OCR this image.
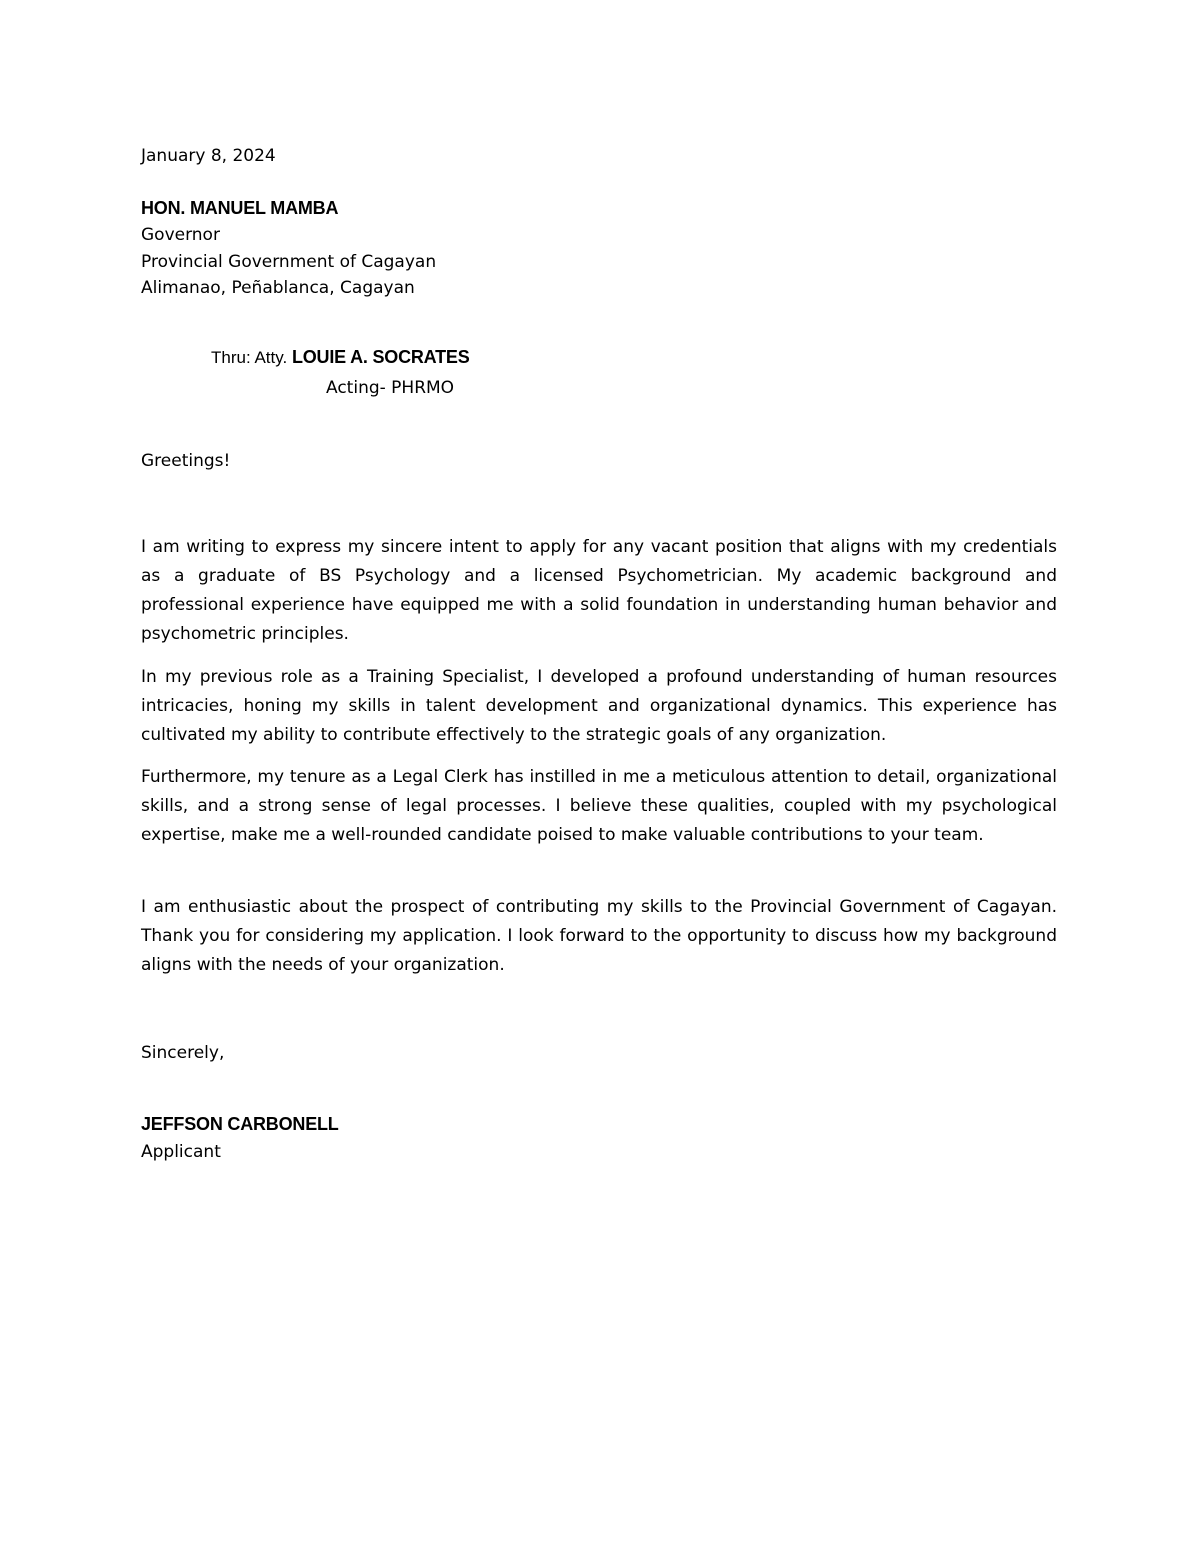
January 8, 2024
HON. MANUEL MAMBA
Governor
Provincial Government of Cagayan
Alimanao, Peñablanca, Cagayan
Thru: Atty. LOUIE A. SOCRATES
Acting- PHRMO
Greetings!

I am writing to express my sincere intent to apply for any vacant position that aligns with my credentials as a graduate of BS Psychology and a licensed Psychometrician. My academic background and professional experience have equipped me with a solid foundation in understanding human behavior and psychometric principles.

In my previous role as a Training Specialist, I developed a profound understanding of human resources intricacies, honing my skills in talent development and organizational dynamics. This experience has cultivated my ability to contribute effectively to the strategic goals of any organization.

Furthermore, my tenure as a Legal Clerk has instilled in me a meticulous attention to detail, organizational skills, and a strong sense of legal processes. I believe these qualities, coupled with my psychological expertise, make me a well-rounded candidate poised to make valuable contributions to your team.

I am enthusiastic about the prospect of contributing my skills to the Provincial Government of Cagayan. Thank you for considering my application. I look forward to the opportunity to discuss how my background aligns with the needs of your organization.

Sincerely,
JEFFSON CARBONELL
Applicant
